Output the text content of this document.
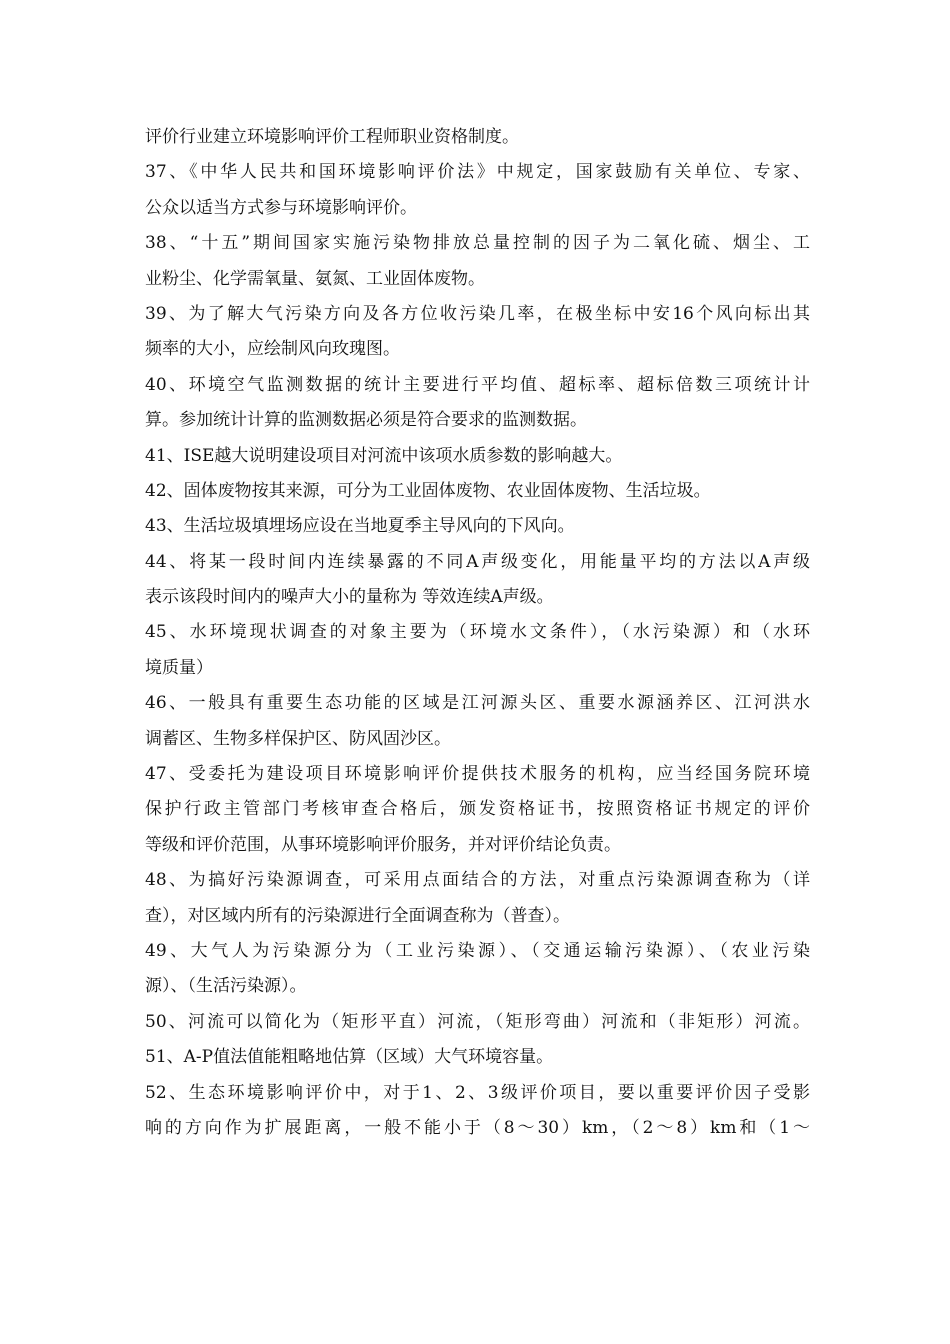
评价行业建立环境影响评价工程师职业资格制度。
37、《中华人民共和国环境影响评价法》中规定，国家鼓励有关单位、专家、
公众以适当方式参与环境影响评价。
38、“十五”期间国家实施污染物排放总量控制的因子为二氧化硫、烟尘、工
业粉尘、化学需氧量、氨氮、工业固体废物。
39、为了解大气污染方向及各方位收污染几率，在极坐标中安16个风向标出其
频率的大小，应绘制风向玫瑰图。
40、环境空气监测数据的统计主要进行平均值、超标率、超标倍数三项统计计
算。参加统计计算的监测数据必须是符合要求的监测数据。
41、ISE越大说明建设项目对河流中该项水质参数的影响越大。
42、固体废物按其来源，可分为工业固体废物、农业固体废物、生活垃圾。
43、生活垃圾填埋场应设在当地夏季主导风向的下风向。
44、将某一段时间内连续暴露的不同A声级变化，用能量平均的方法以A声级
表示该段时间内的噪声大小的量称为 等效连续A声级。
45、水环境现状调查的对象主要为（环境水文条件），（水污染源）和（水环
境质量）
46、一般具有重要生态功能的区域是江河源头区、重要水源涵养区、江河洪水
调蓄区、生物多样保护区、防风固沙区。
47、受委托为建设项目环境影响评价提供技术服务的机构，应当经国务院环境
保护行政主管部门考核审查合格后，颁发资格证书，按照资格证书规定的评价
等级和评价范围，从事环境影响评价服务，并对评价结论负责。
48、为搞好污染源调查，可采用点面结合的方法，对重点污染源调查称为（详
查），对区域内所有的污染源进行全面调查称为（普查）。
49、大气人为污染源分为（工业污染源）、（交通运输污染源）、（农业污染
源）、（生活污染源）。
50、河流可以简化为（矩形平直）河流，（矩形弯曲）河流和（非矩形）河流。
51、A-P值法值能粗略地估算（区域）大气环境容量。
52、生态环境影响评价中，对于1、2、3级评价项目，要以重要评价因子受影
响的方向作为扩展距离，一般不能小于（8～30）km，（2～8）km和（1～
